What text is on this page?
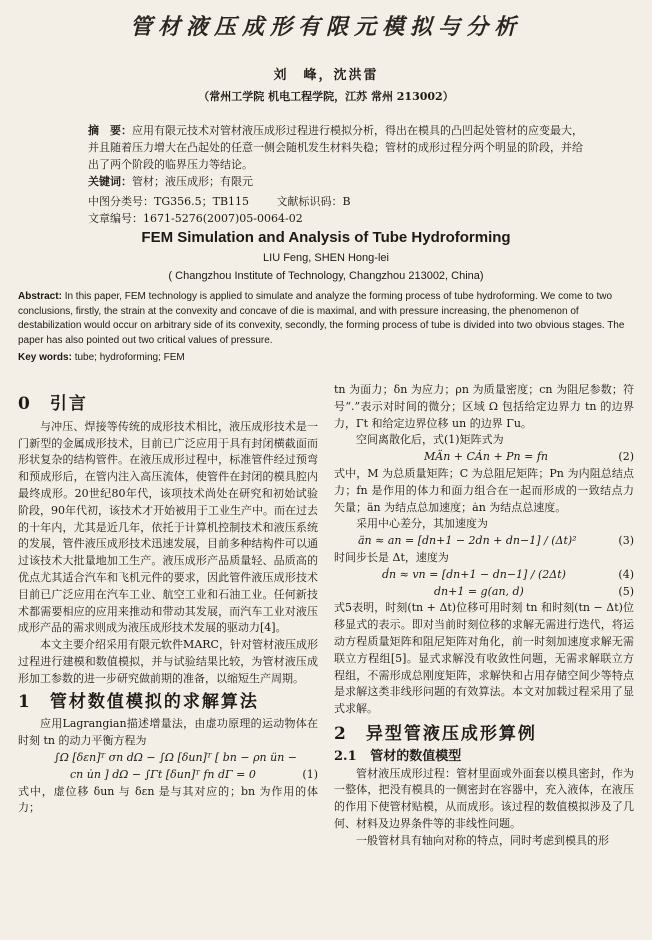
管材液压成形有限元模拟与分析
刘　峰，沈洪雷
（常州工学院 机电工程学院，江苏 常州 213002）
摘　要：应用有限元技术对管材液压成形过程进行模拟分析，得出在模具的凸凹起处管材的应变最大，并且随着压力增大在凸起处的任意一侧会随机发生材料失稳；管材的成形过程分两个明显的阶段，并给出了两个阶段的临界压力等结论。
关键词：管材；液压成形；有限元
中图分类号：TG356.5；TB115	文献标识码：B 文章编号：1671-5276(2007)05-0064-02
FEM Simulation and Analysis of Tube Hydroforming
LIU Feng, SHEN Hong-lei
( Changzhou Institute of Technology, Changzhou 213002, China)
Abstract: In this paper, FEM technology is applied to simulate and analyze the forming process of tube hydroforming. We come to two conclusions, firstly, the strain at the convexity and concave of die is maximal, and with pressure increasing, the phenomenon of destabilization would occur on arbitrary side of its convexity, secondly, the forming process of tube is divided into two obvious stages. The paper has also pointed out two critical values of pressure.
Key words: tube; hydroforming; FEM
0 引言

与冲压、焊接等传统的成形技术相比，液压成形技术是一门新型的金属成形技术，目前已广泛应用于具有封闭横截面而形状复杂的结构管件。在液压成形过程中，标准管件经过预弯和预成形后，在管内注入高压流体，使管件在封闭的模具腔内最终成形。20世纪80年代，该项技术尚处在研究和初始试验阶段，90年代初，该技术才开始被用于工业生产中。而在过去的十年内，尤其是近几年，依托于计算机控制技术和液压系统的发展，管件液压成形技术迅速发展，目前多种结构件可以通过该技术大批量地加工生产。液压成形产品质量轻、品质高的优点尤其适合汽车和飞机元件的要求，因此管件液压成形技术目前已广泛应用在汽车工业、航空工业和石油工业。任何新技术都需要相应的应用来推动和带动其发展，而汽车工业对液压成形产品的需求则成为液压成形技术发展的驱动力[4]。

本文主要介绍采用有限元软件MARC，针对管材液压成形过程进行建模和数值模拟，并与试验结果比较，为管材液压成形加工参数的进一步研究做前期的准备，以缩短生产周期。

1 管材数值模拟的求解算法

应用Lagrangian描述增量法，由虚功原理的运动物体在时刻 tn 的动力平衡方程为

∫Ω [δεn]ᵀ σn dΩ − ∫Ω [δun]ᵀ [ bn − ρn ün −
cn u̇n ] dΩ − ∫Γt [δun]ᵀ fn dΓ = 0	(1)

式中，虚位移 δun 与 δεn 是与其对应的；bn 为作用的体力；

tn 为面力；δn 为应力；ρn 为质量密度；cn 为阻尼参数；符号“.”表示对时间的微分；区域 Ω 包括给定边界力 tn 的边界力，Γt 和给定边界位移 un 的边界 Γu。

空间离散化后，式(1)矩阵式为

MÄn + CȦn + Pn = fn	(2)

式中，M 为总质量矩阵；C 为总阻尼矩阵；Pn 为内阻总结点力；fn 是作用的体力和面力组合在一起而形成的一致结点力矢量；än 为结点总加速度；ȧn 为结点总速度。

采用中心差分，其加速度为

än ≈ an = [dn+1 − 2dn + dn−1] / (Δt)²	(3)

时间步长是 Δt，速度为

ḋn ≈ vn = [dn+1 − dn−1] / (2Δt)	(4)
dn+1 = g(an, d)	(5)

式5表明，时刻(tn + Δt)位移可用时刻 tn 和时刻(tn − Δt)位移显式的表示。即对当前时刻位移的求解无需进行迭代，将运动方程质量矩阵和阻尼矩阵对角化，前一时刻加速度求解无需联立方程组[5]。显式求解没有收敛性问题，无需求解联立方程组，不需形成总刚度矩阵，求解快和占用存储空间少等特点是求解这类非线形问题的有效算法。本文对加载过程采用了显式求解。

2 异型管液压成形算例
2.1 管材的数值模型

管材液压成形过程：管材里面或外面套以模具密封，作为一整体，把没有模具的一侧密封在容器中，充入液体，在液压的作用下使管材贴模，从而成形。该过程的数值模拟涉及了几何、材料及边界条件等的非线性问题。

一般管材具有轴向对称的特点，同时考虑到模具的形
